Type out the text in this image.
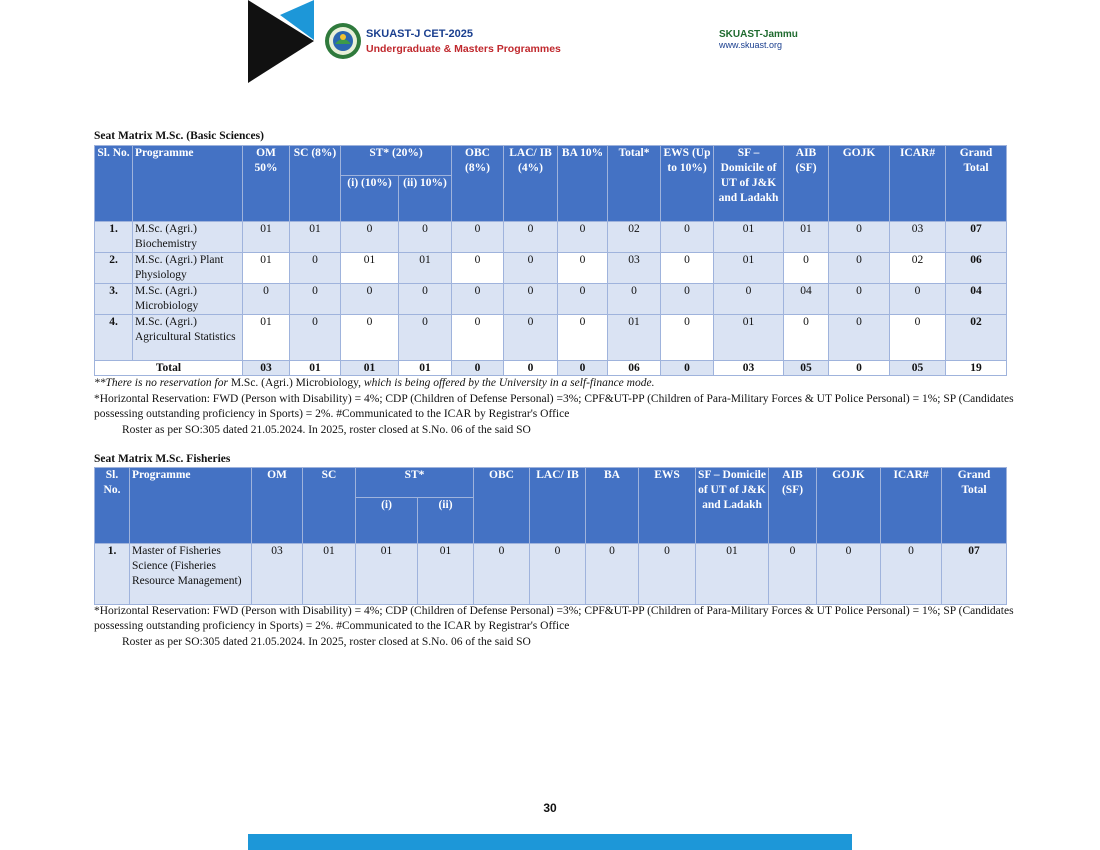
SKUAST-J CET-2025
Undergraduate & Masters Programmes
SKUAST-Jammu
www.skuast.org
Seat Matrix M.Sc. (Basic Sciences)
Sl. No.	Programme	OM 50%	SC (8%)	ST* (20%)		OBC (8%)	LAC/ IB (4%)	BA 10%	Total*	EWS (Up to 10%)	SF – Domicile of UT of J&K and Ladakh	AIB (SF)	GOJK	ICAR#	Grand Total
				(i) (10%)	(ii) 10%)										
1.	M.Sc. (Agri.) Biochemistry	01	01	0	0	0	0	0	02	0	01	01	0	03	07
2.	M.Sc. (Agri.) Plant Physiology	01	0	01	01	0	0	0	03	0	01	0	0	02	06
3.	M.Sc. (Agri.) Microbiology	0	0	0	0	0	0	0	0	0	0	04	0	0	04
4.	M.Sc. (Agri.) Agricultural Statistics	01	0	0	0	0	0	0	01	0	01	0	0	0	02
Total		03	01	01	01	0	0	0	06	0	03	05	0	05	19
**There is no reservation for M.Sc. (Agri.) Microbiology, which is being offered by the University in a self-finance mode.
*Horizontal Reservation: FWD (Person with Disability) = 4%; CDP (Children of Defense Personal) =3%; CPF&UT-PP (Children of Para-Military Forces & UT Police Personal) = 1%; SP (Candidates possessing outstanding proficiency in Sports) = 2%. #Communicated to the ICAR by Registrar's Office
Roster as per SO:305 dated 21.05.2024. In 2025, roster closed at S.No. 06 of the said SO
Seat Matrix M.Sc. Fisheries
Sl. No.	Programme	OM	SC	ST*		OBC	LAC/ IB	BA	EWS	SF – Domicile of UT of J&K and Ladakh	AIB (SF)	GOJK	ICAR#	Grand Total
				(i)	(ii)									
1.	Master of Fisheries Science (Fisheries Resource Management)	03	01	01	01	0	0	0	0	01	0	0	0	07
*Horizontal Reservation: FWD (Person with Disability) = 4%; CDP (Children of Defense Personal) =3%; CPF&UT-PP (Children of Para-Military Forces & UT Police Personal) = 1%; SP (Candidates possessing outstanding proficiency in Sports) = 2%. #Communicated to the ICAR by Registrar's Office
Roster as per SO:305 dated 21.05.2024. In 2025, roster closed at S.No. 06 of the said SO
30
